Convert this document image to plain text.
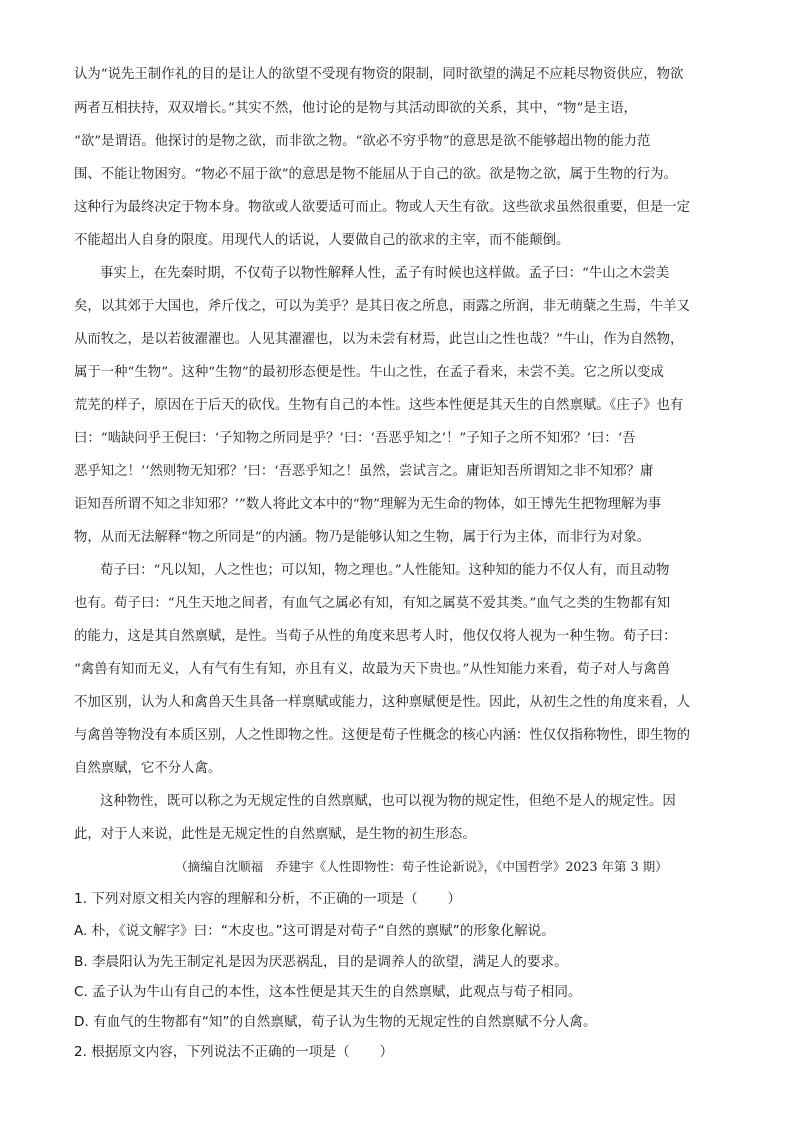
认为“说先王制作礼的目的是让人的欲望不受现有物资的限制，同时欲望的满足不应耗尽物资供应，物欲
两者互相扶持，双双增长。”其实不然，他讨论的是物与其活动即欲的关系，其中，“物”是主语，
“欲”是谓语。他探讨的是物之欲，而非欲之物。“欲必不穷乎物”的意思是欲不能够超出物的能力范
围、不能让物困穷。“物必不屈于欲”的意思是物不能屈从于自己的欲。欲是物之欲，属于生物的行为。
这种行为最终决定于物本身。物欲或人欲要适可而止。物或人天生有欲。这些欲求虽然很重要，但是一定
不能超出人自身的限度。用现代人的话说，人要做自己的欲求的主宰，而不能颠倒。
事实上，在先秦时期，不仅荀子以物性解释人性，孟子有时候也这样做。孟子曰：“牛山之木尝美
矣，以其郊于大国也，斧斤伐之，可以为美乎？是其日夜之所息，雨露之所润，非无萌蘖之生焉，牛羊又
从而牧之，是以若彼濯濯也。人见其濯濯也，以为未尝有材焉，此岂山之性也哉？”牛山，作为自然物，
属于一种“生物”。这种“生物”的最初形态便是性。牛山之性，在孟子看来，未尝不美。它之所以变成
荒芜的样子，原因在于后天的砍伐。生物有自己的本性。这些本性便是其天生的自然禀赋。《庄子》也有
曰：“啮缺问乎王倪曰：‘子知物之所同是乎？’曰：‘吾恶乎知之’！”子知子之所不知邪？’曰：‘吾
恶乎知之！’‘然则物无知邪？’曰：‘吾恶乎知之！虽然，尝试言之。庸讵知吾所谓知之非不知邪？庸
讵知吾所谓不知之非知邪？’”数人将此文本中的“物”理解为无生命的物体，如王博先生把物理解为事
物，从而无法解释“物之所同是”的内涵。物乃是能够认知之生物，属于行为主体，而非行为对象。
荀子曰：“凡以知，人之性也；可以知，物之理也。”人性能知。这种知的能力不仅人有，而且动物
也有。荀子曰：“凡生天地之间者，有血气之属必有知，有知之属莫不爱其类。”血气之类的生物都有知
的能力，这是其自然禀赋，是性。当荀子从性的角度来思考人时，他仅仅将人视为一种生物。荀子曰：
“禽兽有知而无义，人有气有生有知，亦且有义，故最为天下贵也。”从性知能力来看，荀子对人与禽兽
不加区别，认为人和禽兽天生具备一样禀赋或能力，这种禀赋便是性。因此，从初生之性的角度来看，人
与禽兽等物没有本质区别，人之性即物之性。这便是荀子性概念的核心内涵：性仅仅指称物性，即生物的
自然禀赋，它不分人禽。
这种物性，既可以称之为无规定性的自然禀赋，也可以视为物的规定性，但绝不是人的规定性。因
此，对于人来说，此性是无规定性的自然禀赋，是生物的初生形态。
（摘编自沈顺福　乔建宇《人性即物性：荀子性论新说》，《中国哲学》2023 年第 3 期）
1. 下列对原文相关内容的理解和分析，不正确的一项是（ ）
A. 朴，《说文解字》曰：“木皮也。”这可谓是对荀子“自然的禀赋”的形象化解说。
B. 李晨阳认为先王制定礼是因为厌恶祸乱，目的是调养人的欲望，满足人的要求。
C. 孟子认为牛山有自己的本性，这本性便是其天生的自然禀赋，此观点与荀子相同。
D. 有血气的生物都有“知”的自然禀赋，荀子认为生物的无规定性的自然禀赋不分人禽。
2. 根据原文内容，下列说法不正确的一项是（ ）
